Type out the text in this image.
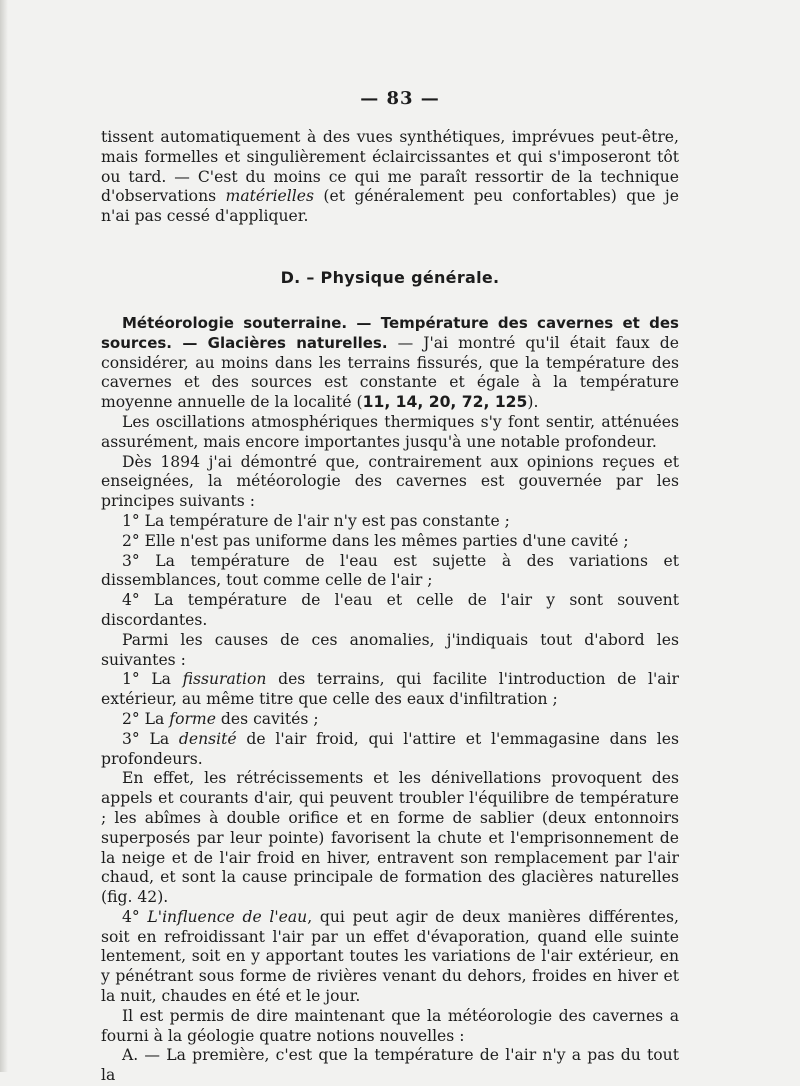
— 83 —

tissent automatiquement à des vues synthétiques, imprévues peut-être, mais formelles et singulièrement éclaircissantes et qui s'imposeront tôt ou tard. — C'est du moins ce qui me paraît ressortir de la technique d'observations matérielles (et généralement peu confortables) que je n'ai pas cessé d'appliquer.

D. – Physique générale.

Météorologie souterraine. — Température des cavernes et des sources. — Glacières naturelles. — J'ai montré qu'il était faux de considérer, au moins dans les terrains fissurés, que la température des cavernes et des sources est constante et égale à la température moyenne annuelle de la localité (11, 14, 20, 72, 125).

Les oscillations atmosphériques thermiques s'y font sentir, atténuées assurément, mais encore importantes jusqu'à une notable profondeur.

Dès 1894 j'ai démontré que, contrairement aux opinions reçues et enseignées, la météorologie des cavernes est gouvernée par les principes suivants :

1° La température de l'air n'y est pas constante ;

2° Elle n'est pas uniforme dans les mêmes parties d'une cavité ;

3° La température de l'eau est sujette à des variations et dissemblances, tout comme celle de l'air ;

4° La température de l'eau et celle de l'air y sont souvent discordantes.

Parmi les causes de ces anomalies, j'indiquais tout d'abord les suivantes :

1° La fissuration des terrains, qui facilite l'introduction de l'air extérieur, au même titre que celle des eaux d'infiltration ;

2° La forme des cavités ;

3° La densité de l'air froid, qui l'attire et l'emmagasine dans les profondeurs.

En effet, les rétrécissements et les dénivellations provoquent des appels et courants d'air, qui peuvent troubler l'équilibre de température ; les abîmes à double orifice et en forme de sablier (deux entonnoirs superposés par leur pointe) favorisent la chute et l'emprisonnement de la neige et de l'air froid en hiver, entravent son remplacement par l'air chaud, et sont la cause principale de formation des glacières naturelles (fig. 42).

4° L'influence de l'eau, qui peut agir de deux manières différentes, soit en refroidissant l'air par un effet d'évaporation, quand elle suinte lentement, soit en y apportant toutes les variations de l'air extérieur, en y pénétrant sous forme de rivières venant du dehors, froides en hiver et la nuit, chaudes en été et le jour.

Il est permis de dire maintenant que la météorologie des cavernes a fourni à la géologie quatre notions nouvelles :

A. — La première, c'est que la température de l'air n'y a pas du tout la
